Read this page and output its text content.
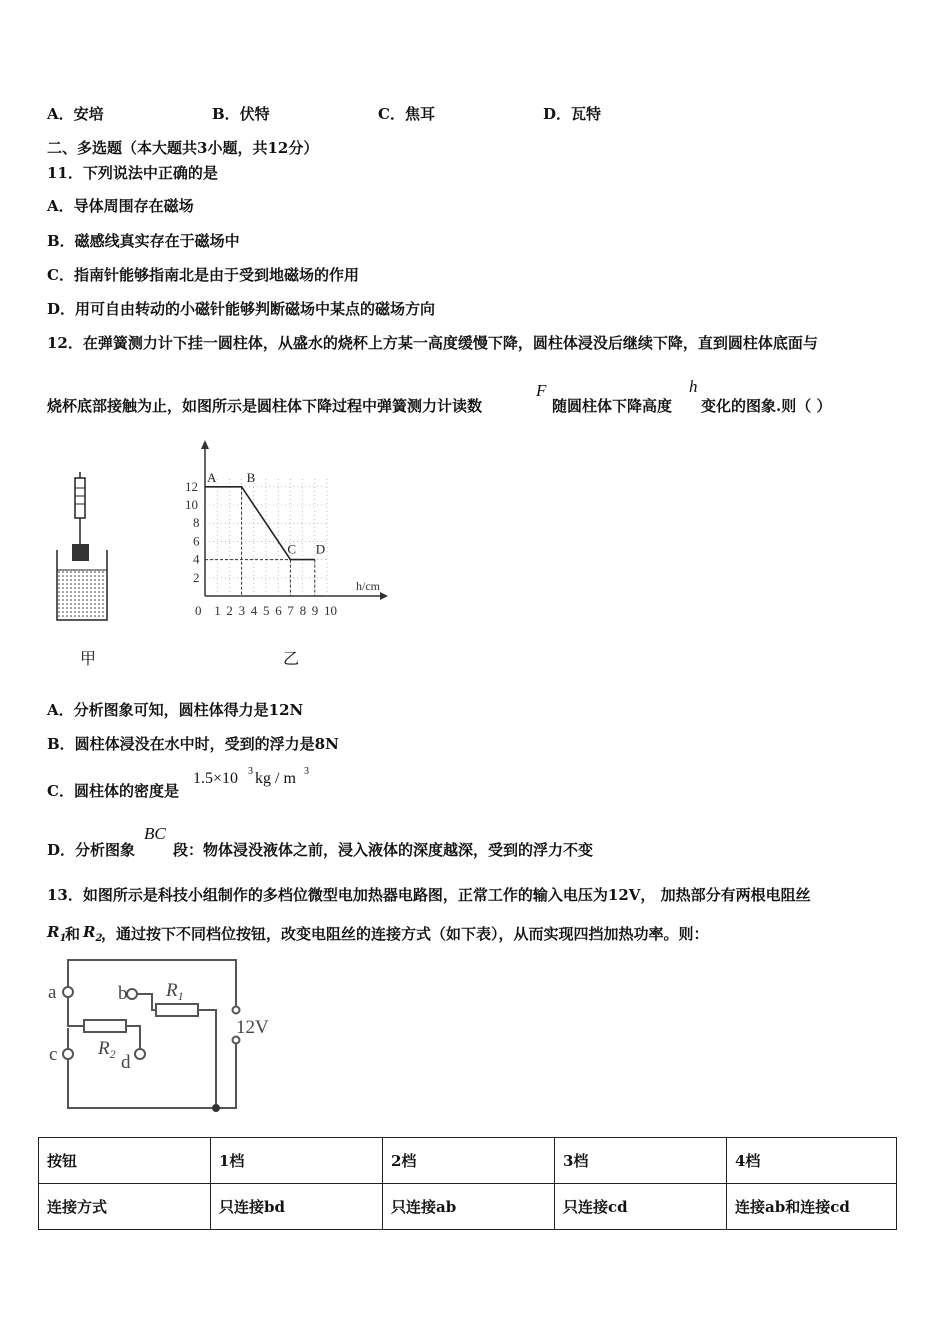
A．安培	B．伏特	C．焦耳	D．瓦特
二、多选题（本大题共3小题，共12分）
11．下列说法中正确的是
A．导体周围存在磁场
B．磁感线真实存在于磁场中
C．指南针能够指南北是由于受到地磁场的作用
D．用可自由转动的小磁针能够判断磁场中某点的磁场方向
12．在弹簧测力计下挂一圆柱体，从盛水的烧杯上方某一高度缓慢下降，圆柱体浸没后继续下降，直到圆柱体底面与
烧杯底部接触为止，如图所示是圆柱体下降过程中弹簧测力计读数
F
随圆柱体下降高度
h
变化的图象.则（ ）
甲
0 1 2 3 4 5 6 7 8 9 10
2
4
6
8
10
12
A B
C D
h/cm
乙
A．分析图象可知，圆柱体得力是12N
B．圆柱体浸没在水中时，受到的浮力是8N
C．圆柱体的密度是
1.5×10 3 kg / m 3
D．分析图象
BC
段：物体浸没液体之前，浸入液体的深度越深，受到的浮力不变
13．如图所示是科技小组制作的多档位微型电加热器电路图，正常工作的输入电压为12V， 加热部分有两根电阻丝
$R_1$
和 $R_2$
，通过按下不同档位按钮，改变电阻丝的连接方式（如下表），从而实现四挡加热功率。则：
a	b
c	d
$R_1$
$R_2$
12V
按钮	1档	2档	3档	4档
连接方式	只连接bd	只连接ab	只连接cd	连接ab和连接cd
